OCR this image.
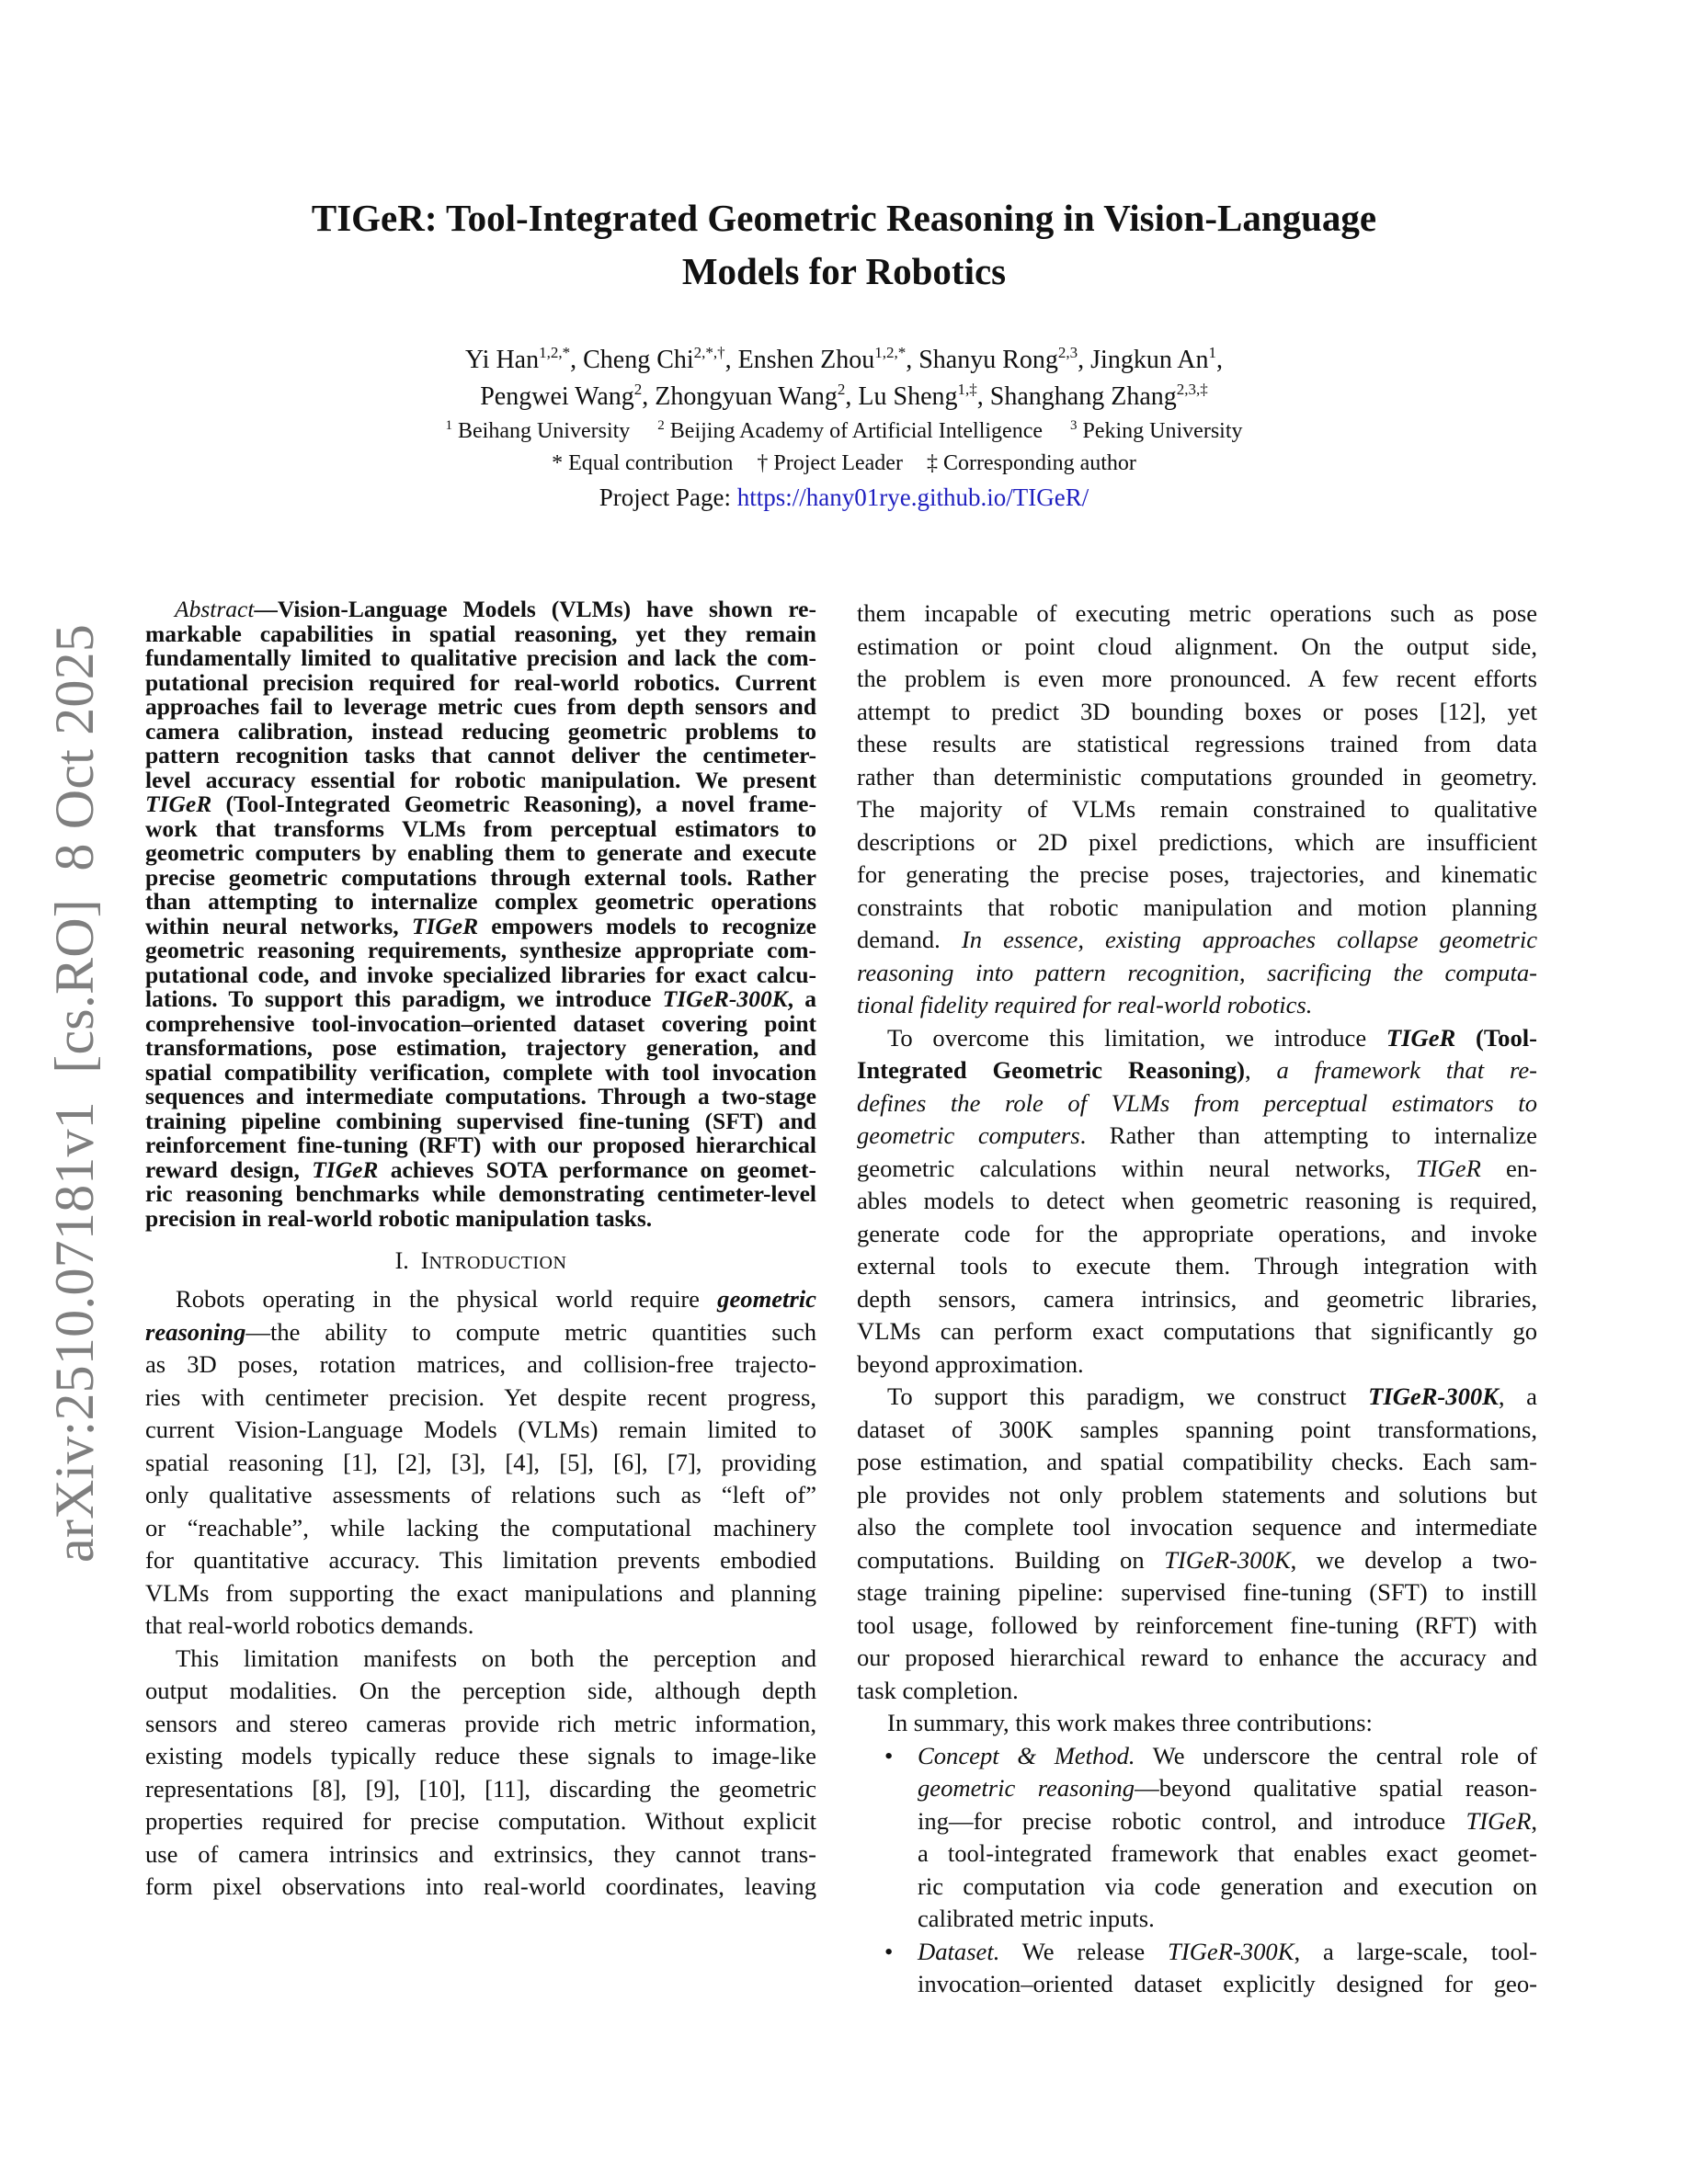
arXiv:2510.07181v1  [cs.RO]  8 Oct 2025
TIGeR: Tool-Integrated Geometric Reasoning in Vision-Language
Models for Robotics
Yi Han$^{1,2,*}$, Cheng Chi$^{2,*,\dagger}$, Enshen Zhou$^{1,2,*}$, Shanyu Rong$^{2,3}$, Jingkun An$^1$,
Pengwei Wang$^2$, Zhongyuan Wang$^2$, Lu Sheng$^{1,\ddagger}$, Shanghang Zhang$^{2,3,\ddagger}$
$^1$ Beihang University $^2$ Beijing Academy of Artificial Intelligence $^3$ Peking University
* Equal contribution † Project Leader ‡ Corresponding author
Project Page: https://hany01rye.github.io/TIGeR/
Abstract—Vision-Language Models (VLMs) have shown re-
markable capabilities in spatial reasoning, yet they remain
fundamentally limited to qualitative precision and lack the com-
putational precision required for real-world robotics. Current
approaches fail to leverage metric cues from depth sensors and
camera calibration, instead reducing geometric problems to
pattern recognition tasks that cannot deliver the centimeter-
level accuracy essential for robotic manipulation. We present
TIGeR (Tool-Integrated Geometric Reasoning), a novel frame-
work that transforms VLMs from perceptual estimators to
geometric computers by enabling them to generate and execute
precise geometric computations through external tools. Rather
than attempting to internalize complex geometric operations
within neural networks, TIGeR empowers models to recognize
geometric reasoning requirements, synthesize appropriate com-
putational code, and invoke specialized libraries for exact calcu-
lations. To support this paradigm, we introduce TIGeR-300K, a
comprehensive tool-invocation–oriented dataset covering point
transformations, pose estimation, trajectory generation, and
spatial compatibility verification, complete with tool invocation
sequences and intermediate computations. Through a two-stage
training pipeline combining supervised fine-tuning (SFT) and
reinforcement fine-tuning (RFT) with our proposed hierarchical
reward design, TIGeR achieves SOTA performance on geomet-
ric reasoning benchmarks while demonstrating centimeter-level
precision in real-world robotic manipulation tasks.
I. INTRODUCTION
Robots operating in the physical world require geometric
reasoning—the ability to compute metric quantities such
as 3D poses, rotation matrices, and collision-free trajecto-
ries with centimeter precision. Yet despite recent progress,
current Vision-Language Models (VLMs) remain limited to
spatial reasoning [1], [2], [3], [4], [5], [6], [7], providing
only qualitative assessments of relations such as “left of”
or “reachable”, while lacking the computational machinery
for quantitative accuracy. This limitation prevents embodied
VLMs from supporting the exact manipulations and planning
that real-world robotics demands.
This limitation manifests on both the perception and
output modalities. On the perception side, although depth
sensors and stereo cameras provide rich metric information,
existing models typically reduce these signals to image-like
representations [8], [9], [10], [11], discarding the geometric
properties required for precise computation. Without explicit
use of camera intrinsics and extrinsics, they cannot trans-
form pixel observations into real-world coordinates, leaving
them incapable of executing metric operations such as pose
estimation or point cloud alignment. On the output side,
the problem is even more pronounced. A few recent efforts
attempt to predict 3D bounding boxes or poses [12], yet
these results are statistical regressions trained from data
rather than deterministic computations grounded in geometry.
The majority of VLMs remain constrained to qualitative
descriptions or 2D pixel predictions, which are insufficient
for generating the precise poses, trajectories, and kinematic
constraints that robotic manipulation and motion planning
demand. In essence, existing approaches collapse geometric
reasoning into pattern recognition, sacrificing the computa-
tional fidelity required for real-world robotics.
To overcome this limitation, we introduce TIGeR (Tool-
Integrated Geometric Reasoning), a framework that re-
defines the role of VLMs from perceptual estimators to
geometric computers. Rather than attempting to internalize
geometric calculations within neural networks, TIGeR en-
ables models to detect when geometric reasoning is required,
generate code for the appropriate operations, and invoke
external tools to execute them. Through integration with
depth sensors, camera intrinsics, and geometric libraries,
VLMs can perform exact computations that significantly go
beyond approximation.
To support this paradigm, we construct TIGeR-300K, a
dataset of 300K samples spanning point transformations,
pose estimation, and spatial compatibility checks. Each sam-
ple provides not only problem statements and solutions but
also the complete tool invocation sequence and intermediate
computations. Building on TIGeR-300K, we develop a two-
stage training pipeline: supervised fine-tuning (SFT) to instill
tool usage, followed by reinforcement fine-tuning (RFT) with
our proposed hierarchical reward to enhance the accuracy and
task completion.
In summary, this work makes three contributions:
• Concept & Method. We underscore the central role of
geometric reasoning—beyond qualitative spatial reason-
ing—for precise robotic control, and introduce TIGeR,
a tool-integrated framework that enables exact geomet-
ric computation via code generation and execution on
calibrated metric inputs.
• Dataset. We release TIGeR-300K, a large-scale, tool-
invocation–oriented dataset explicitly designed for geo-
